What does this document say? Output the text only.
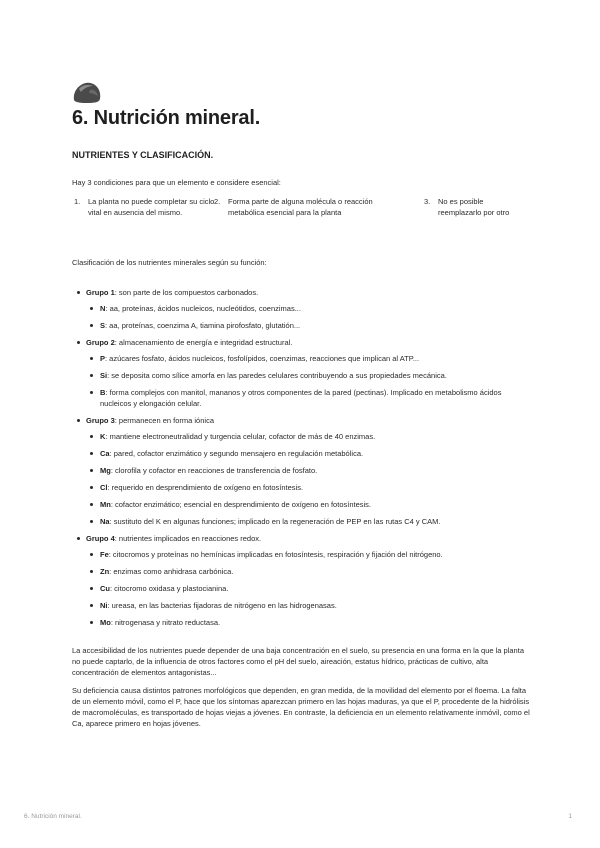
6. Nutrición mineral.
NUTRIENTES Y CLASIFICACIÓN.

Hay 3 condiciones para que un elemento e considere esencial:

1.	La planta no puede completar su ciclo vital en ausencia del mismo.
2.	Forma parte de alguna molécula o reacción metabólica esencial para la planta
3.	No es posible reemplazarlo por otro

Clasificación de los nutrientes minerales según su función:

Grupo 1: son parte de los compuestos carbonados.
N: aa, proteínas, ácidos nucleicos, nucleótidos, coenzimas...
S: aa, proteínas, coenzima A, tiamina pirofosfato, glutatión...
Grupo 2: almacenamiento de energía e integridad estructural.
P: azúcares fosfato, ácidos nucleicos, fosfolípidos, coenzimas, reacciones que implican al ATP...
Si: se deposita como sílice amorfa en las paredes celulares contribuyendo a sus propiedades mecánica.
B: forma complejos con manitol, mananos y otros componentes de la pared (pectinas). Implicado en metabolismo ácidos nucleicos y elongación celular.
Grupo 3: permanecen en forma iónica
K: mantiene electroneutralidad y turgencia celular, cofactor de más de 40 enzimas.
Ca: pared, cofactor enzimático y segundo mensajero en regulación metabólica.
Mg: clorofila y cofactor en reacciones de transferencia de fosfato.
Cl: requerido en desprendimiento de oxígeno en fotosíntesis.
Mn: cofactor enzimático; esencial en desprendimiento de oxígeno en fotosíntesis.
Na: sustituto del K en algunas funciones; implicado en la regeneración de PEP en las rutas C4 y CAM.
Grupo 4: nutrientes implicados en reacciones redox.
Fe: citocromos y proteínas no hemínicas implicadas en fotosíntesis, respiración y fijación del nitrógeno.
Zn: enzimas como anhidrasa carbónica.
Cu: citocromo oxidasa y plastocianina.
Ni: ureasa, en las bacterias fijadoras de nitrógeno en las hidrogenasas.
Mo: nitrogenasa y nitrato reductasa.

La accesibilidad de los nutrientes puede depender de una baja concentración en el suelo, su presencia en una forma en la que la planta no puede captarlo, de la influencia de otros factores como el pH del suelo, aireación, estatus hídrico, prácticas de cultivo, alta concentración de elementos antagonistas...

Su deficiencia causa distintos patrones morfológicos que dependen, en gran medida, de la movilidad del elemento por el floema. La falta de un elemento móvil, como el P, hace que los síntomas aparezcan primero en las hojas maduras, ya que el P, procedente de la hidrólisis de macromoléculas, es transportado de hojas viejas a jóvenes. En contraste, la deficiencia en un elemento relativamente inmóvil, como el Ca, aparece primero en hojas jóvenes.

6. Nutrición mineral.	1
